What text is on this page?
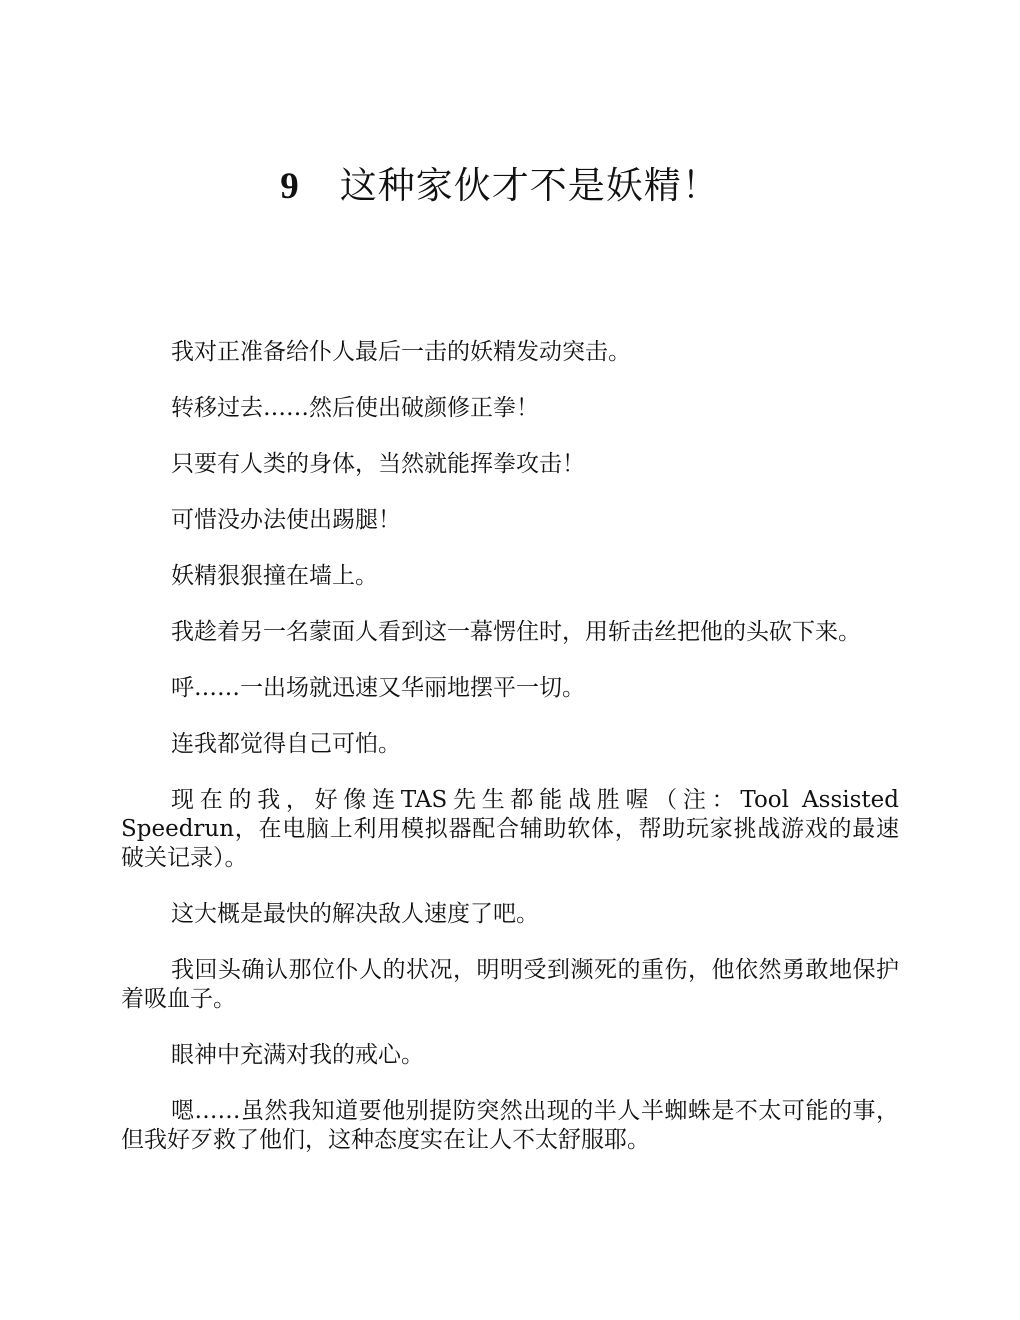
9 这种家伙才不是妖精！

我对正准备给仆人最后一击的妖精发动突击。

转移过去……然后使出破颜修正拳！

只要有人类的身体，当然就能挥拳攻击！

可惜没办法使出踢腿！

妖精狠狠撞在墙上。

我趁着另一名蒙面人看到这一幕愣住时，用斩击丝把他的头砍下来。

呼……一出场就迅速又华丽地摆平一切。

连我都觉得自己可怕。

现在的我，好像连TAS先生都能战胜喔（注：Tool Assisted Speedrun，在电脑上利用模拟器配合辅助软体，帮助玩家挑战游戏的最速破关记录）。

这大概是最快的解决敌人速度了吧。

我回头确认那位仆人的状况，明明受到濒死的重伤，他依然勇敢地保护着吸血子。

眼神中充满对我的戒心。

嗯……虽然我知道要他别提防突然出现的半人半蜘蛛是不太可能的事，但我好歹救了他们，这种态度实在让人不太舒服耶。
